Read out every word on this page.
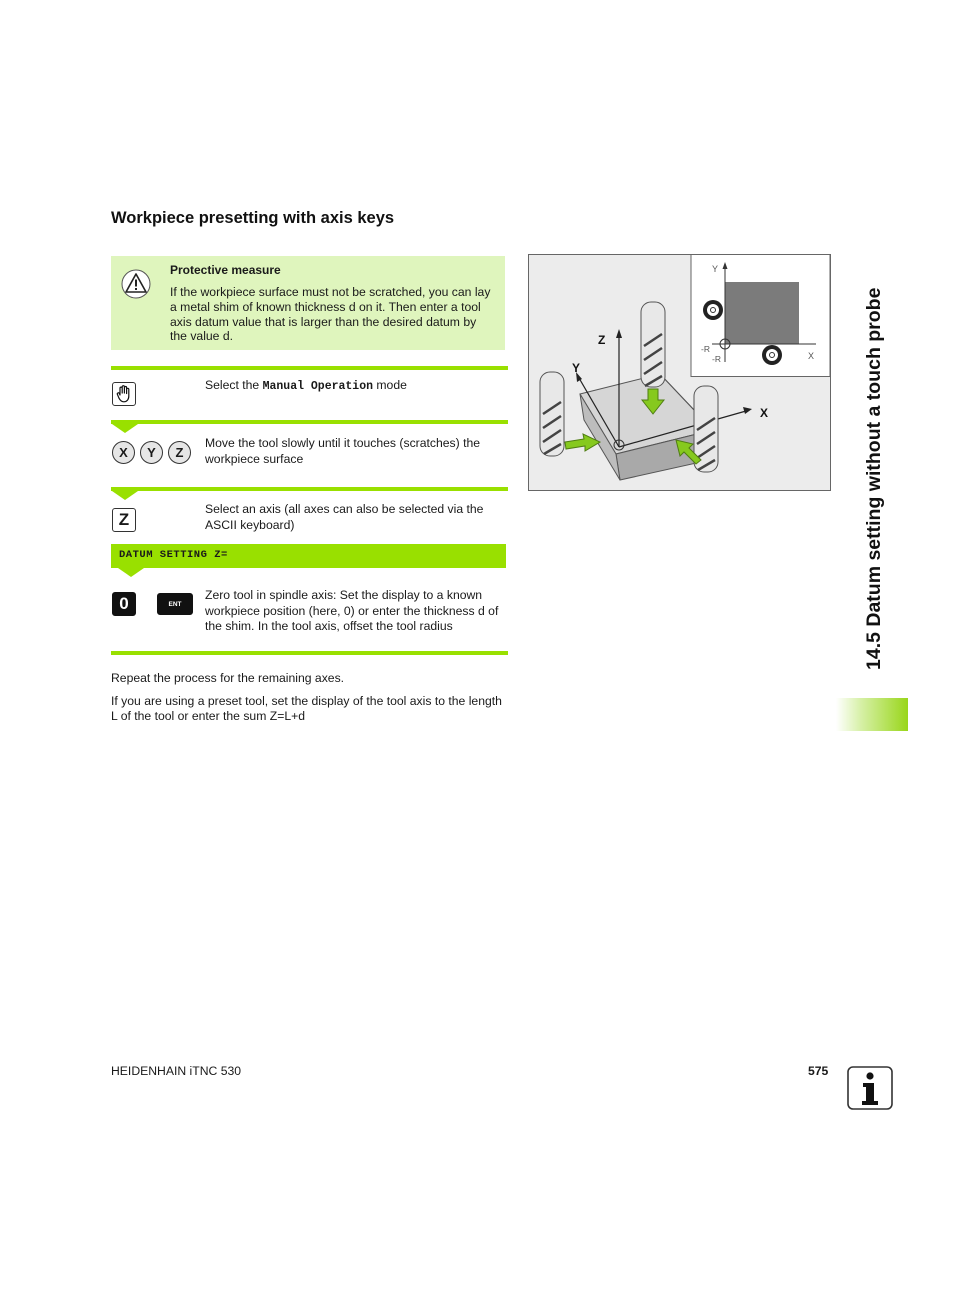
Workpiece presetting with axis keys
Protective measure
If the workpiece surface must not be scratched, you can lay a metal shim of known thickness d on it. Then enter a tool axis datum value that is larger than the desired datum by the value d.
Select the Manual Operation mode
X	Y	Z
Move the tool slowly until it touches (scratches) the workpiece surface
Z
Select an axis (all axes can also be selected via the ASCII keyboard)
DATUM SETTING Z=
0	ENT
Zero tool in spindle axis: Set the display to a known workpiece position (here, 0) or enter the thickness d of the shim. In the tool axis, offset the tool radius
Repeat the process for the remaining axes.
If you are using a preset tool, set the display of the tool axis to the length L of the tool or enter the sum Z=L+d
Y
X
-R
-R
Z
Y
X	14.5 Datum setting without a touch probe
HEIDENHAIN iTNC 530	575
